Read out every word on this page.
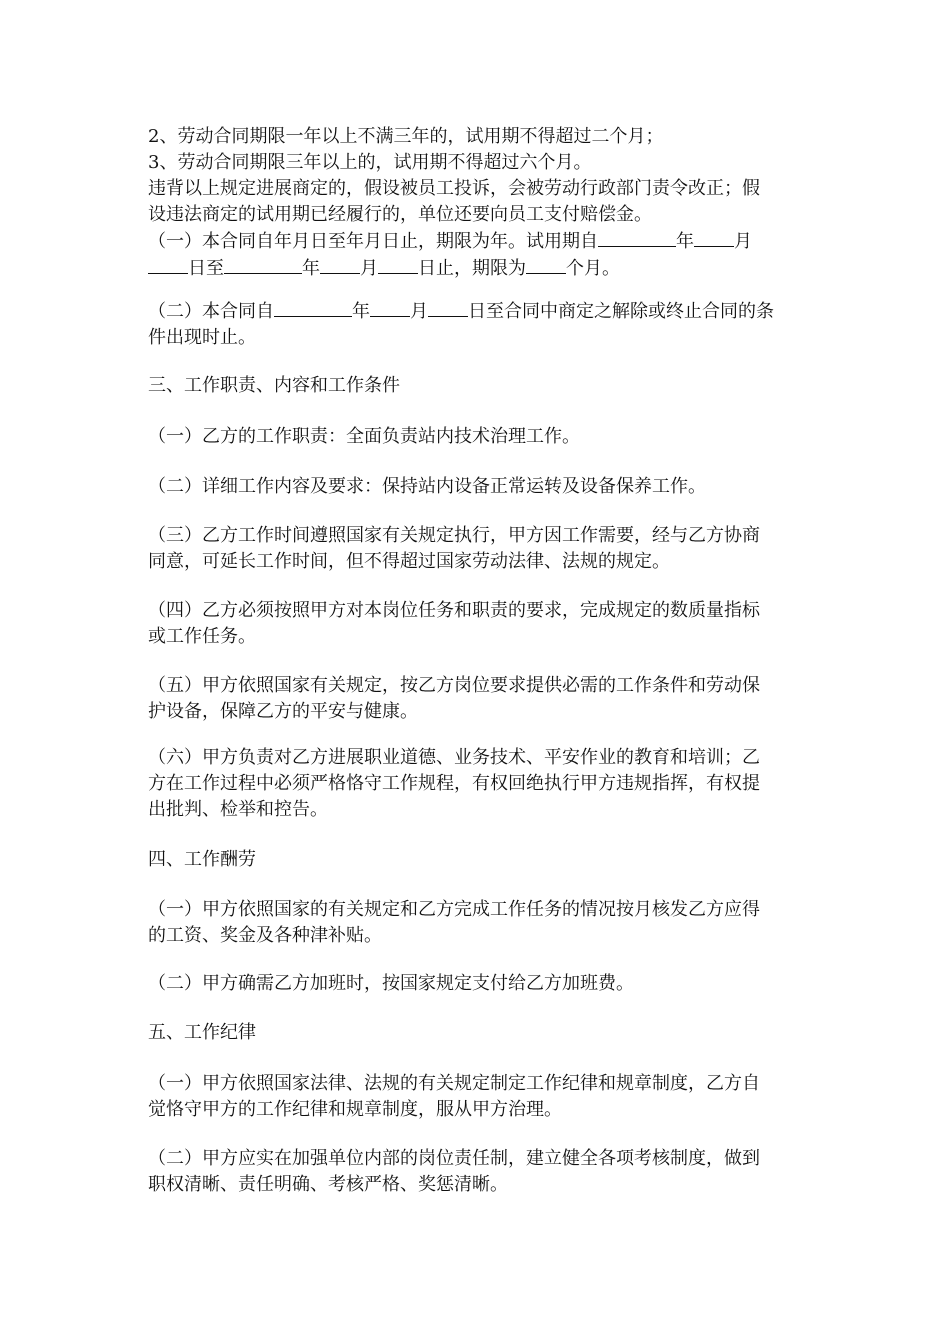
2、劳动合同期限一年以上不满三年的，试用期不得超过二个月；
3、劳动合同期限三年以上的，试用期不得超过六个月。
违背以上规定进展商定的，假设被员工投诉，会被劳动行政部门责令改正；假
设违法商定的试用期已经履行的，单位还要向员工支付赔偿金。

（一）本合同自年月日至年月日止，期限为年。试用期自	年 月
日至	年 月 日止，期限为 个月。

（二）本合同自	年 月 日至合同中商定之解除或终止合同的条
件出现时止。

三、工作职责、内容和工作条件

（一）乙方的工作职责：全面负责站内技术治理工作。

（二）详细工作内容及要求：保持站内设备正常运转及设备保养工作。

（三）乙方工作时间遵照国家有关规定执行，甲方因工作需要，经与乙方协商
同意，可延长工作时间，但不得超过国家劳动法律、法规的规定。

（四）乙方必须按照甲方对本岗位任务和职责的要求，完成规定的数质量指标
或工作任务。

（五）甲方依照国家有关规定，按乙方岗位要求提供必需的工作条件和劳动保
护设备，保障乙方的平安与健康。

（六）甲方负责对乙方进展职业道德、业务技术、平安作业的教育和培训；乙
方在工作过程中必须严格恪守工作规程，有权回绝执行甲方违规指挥，有权提
出批判、检举和控告。

四、工作酬劳

（一）甲方依照国家的有关规定和乙方完成工作任务的情况按月核发乙方应得
的工资、奖金及各种津补贴。

（二）甲方确需乙方加班时，按国家规定支付给乙方加班费。

五、工作纪律

（一）甲方依照国家法律、法规的有关规定制定工作纪律和规章制度，乙方自
觉恪守甲方的工作纪律和规章制度，服从甲方治理。

（二）甲方应实在加强单位内部的岗位责任制，建立健全各项考核制度，做到
职权清晰、责任明确、考核严格、奖惩清晰。
